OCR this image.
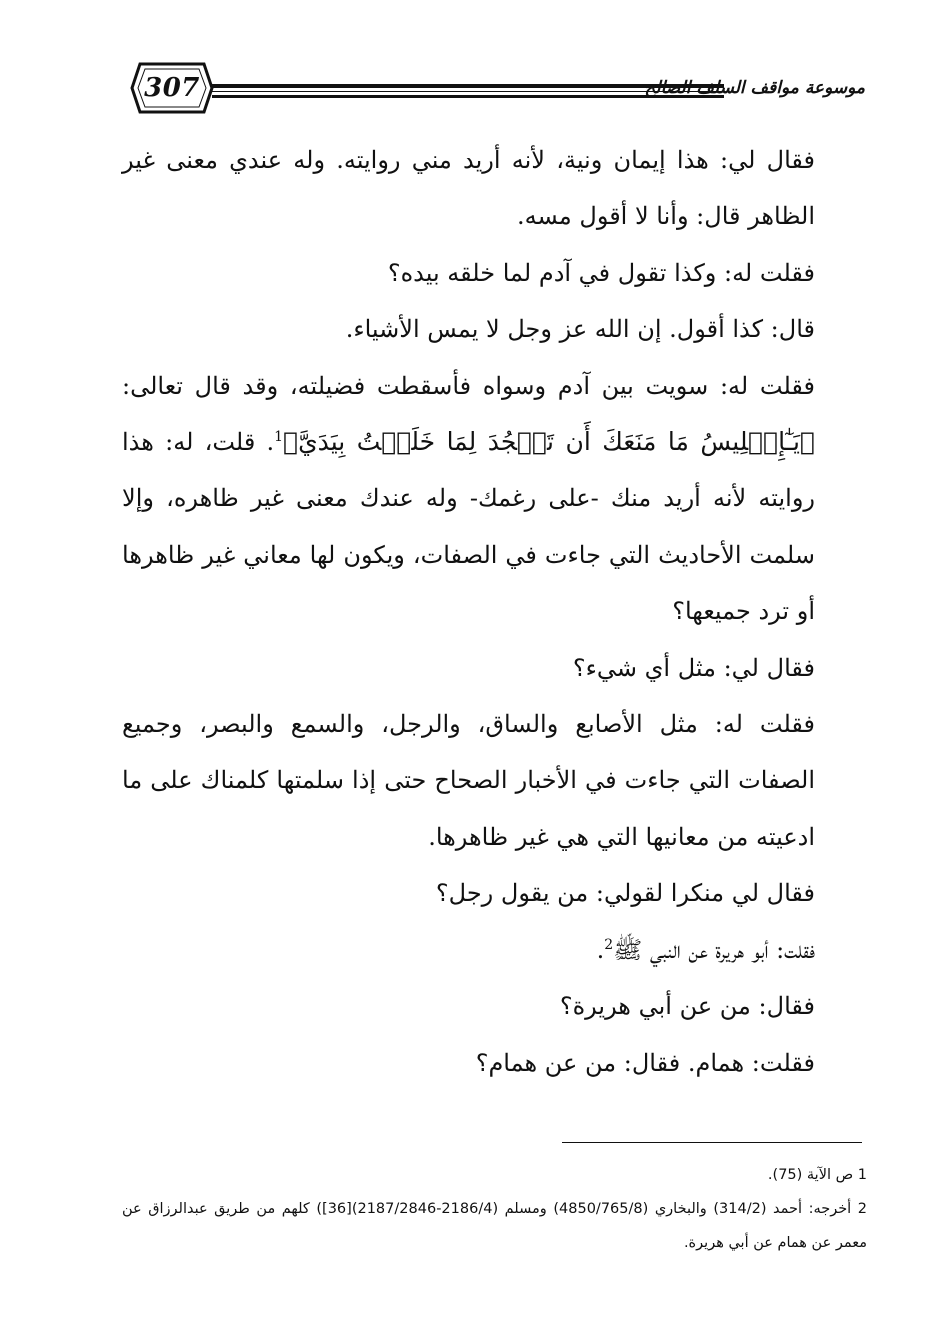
307	موسوعة مواقف السلف الصالح

فقال لي: هذا إيمان ونية، لأنه أريد مني روايته. وله عندي معنى غير الظاهر قال: وأنا لا أقول مسه.

فقلت له: وكذا تقول في آدم لما خلقه بيده؟

قال: كذا أقول. إن الله عز وجل لا يمس الأشياء.

فقلت له: سويت بين آدم وسواه فأسقطت فضيلته، وقد قال تعالى: ﴿يَـٰٓإِبۡلِيسُ مَا مَنَعَكَ أَن تَسۡجُدَ لِمَا خَلَقۡتُ بِيَدَيَّ﴾$^1$. قلت، له: هذا روايته لأنه أريد منك -على رغمك- وله عندك معنى غير ظاهره، وإلا سلمت الأحاديث التي جاءت في الصفات، ويكون لها معاني غير ظاهرها أو ترد جميعها؟

فقال لي: مثل أي شيء؟

فقلت له: مثل الأصابع والساق، والرجل، والسمع والبصر، وجميع الصفات التي جاءت في الأخبار الصحاح حتى إذا سلمتها كلمناك على ما ادعيته من معانيها التي هي غير ظاهرها.

فقال لي منكرا لقولي: من يقول رجل؟

فقلت: أبو هريرة عن النبي ﷺ$^2$.

فقال: من عن أبي هريرة؟

فقلت: همام. فقال: من عن همام؟

1 ص الآية (75).

2 أخرجه: أحمد (314/2) والبخاري (4850/765/8) ومسلم (2186/4-2187/2846)[36]) كلهم من طريق عبدالرزاق عن معمر عن همام عن أبي هريرة.
